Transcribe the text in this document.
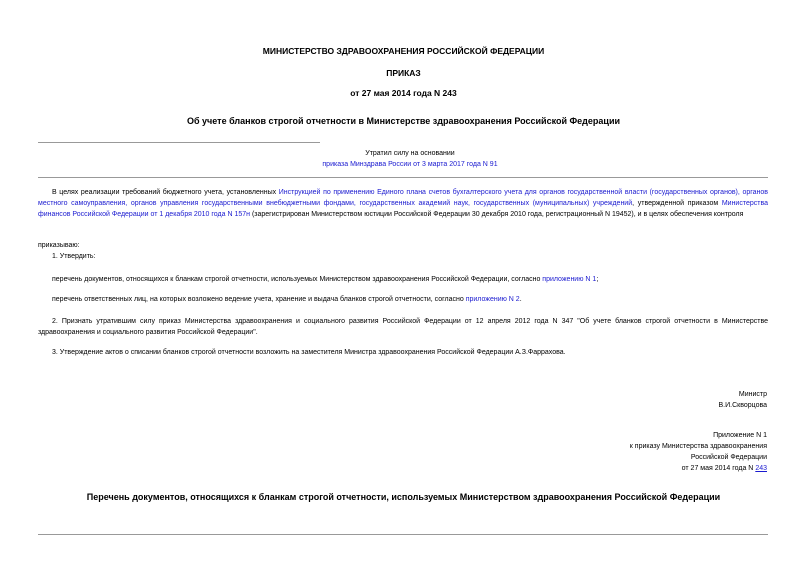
МИНИСТЕРСТВО ЗДРАВООХРАНЕНИЯ РОССИЙСКОЙ ФЕДЕРАЦИИ
ПРИКАЗ
от 27 мая 2014 года N 243
Об учете бланков строгой отчетности в Министерстве здравоохранения Российской Федерации
Утратил силу на основании
приказа Минздрава России от 3 марта 2017 года N 91
В целях реализации требований бюджетного учета, установленных Инструкцией по применению Единого плана счетов бухгалтерского учета для органов государственной власти (государственных органов), органов местного самоуправления, органов управления государственными внебюджетными фондами, государственных академий наук, государственных (муниципальных) учреждений, утвержденной приказом Министерства финансов Российской Федерации от 1 декабря 2010 года N 157н (зарегистрирован Министерством юстиции Российской Федерации 30 декабря 2010 года, регистрационный N 19452), и в целях обеспечения контроля
приказываю:
1. Утвердить:
перечень документов, относящихся к бланкам строгой отчетности, используемых Министерством здравоохранения Российской Федерации, согласно приложению N 1;
перечень ответственных лиц, на которых возложено ведение учета, хранение и выдача бланков строгой отчетности, согласно приложению N 2.
2. Признать утратившим силу приказ Министерства здравоохранения и социального развития Российской Федерации от 12 апреля 2012 года N 347 "Об учете бланков строгой отчетности в Министерстве здравоохранения и социального развития Российской Федерации".
3. Утверждение актов о списании бланков строгой отчетности возложить на заместителя Министра здравоохранения Российской Федерации А.З.Фаррахова.
Министр
В.И.Скворцова
Приложение N 1
к приказу Министерства здравоохранения
Российской Федерации
от 27 мая 2014 года N 243
Перечень документов, относящихся к бланкам строгой отчетности, используемых Министерством здравоохранения Российской Федерации
